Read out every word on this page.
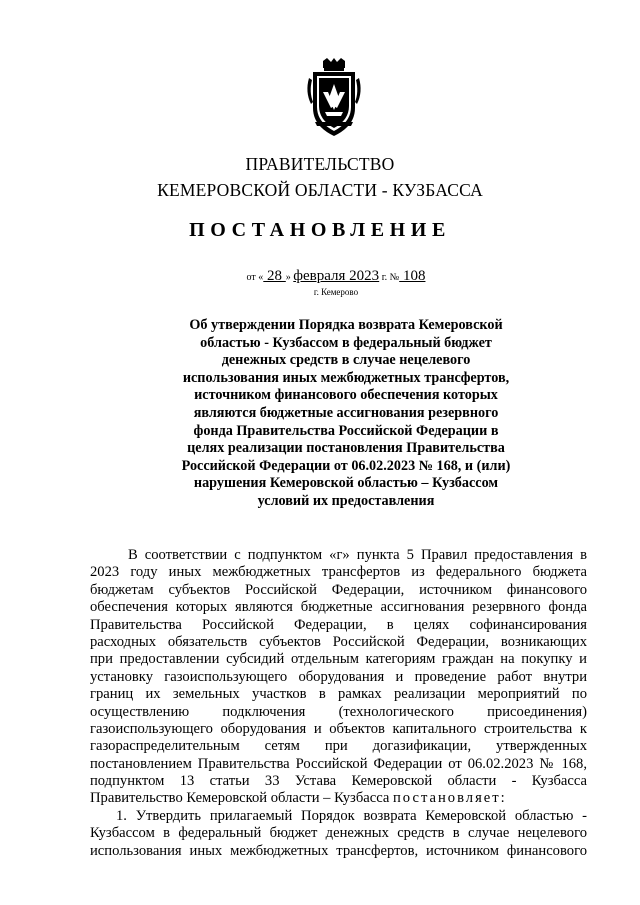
ПРАВИТЕЛЬСТВО
КЕМЕРОВСКОЙ ОБЛАСТИ - КУЗБАССА
ПОСТАНОВЛЕНИЕ
от « 28 » февраля 2023 г. № 108
г. Кемерово
Об утверждении Порядка возврата Кемеровской
областью - Кузбассом в федеральный бюджет
денежных средств в случае нецелевого
использования иных межбюджетных трансфертов,
источником финансового обеспечения которых
являются бюджетные ассигнования резервного
фонда Правительства Российской Федерации в
целях реализации постановления Правительства
Российской Федерации от 06.02.2023 № 168, и (или)
нарушения Кемеровской областью – Кузбассом
условий их предоставления
В соответствии с подпунктом «г» пункта 5 Правил предоставления в
2023 году иных межбюджетных трансфертов из федерального бюджета
бюджетам субъектов Российской Федерации, источником финансового
обеспечения которых являются бюджетные ассигнования резервного фонда
Правительства Российской Федерации, в целях софинансирования
расходных обязательств субъектов Российской Федерации, возникающих
при предоставлении субсидий отдельным категориям граждан на покупку и
установку газоиспользующего оборудования и проведение работ внутри
границ их земельных участков в рамках реализации мероприятий по
осуществлению подключения (технологического присоединения)
газоиспользующего оборудования и объектов капитального строительства к
газораспределительным сетям при догазификации, утвержденных
постановлением Правительства Российской Федерации от 06.02.2023 № 168,
подпунктом 13 статьи 33 Устава Кемеровской области - Кузбасса
Правительство Кемеровской области – Кузбасса постановляет:
1. Утвердить прилагаемый Порядок возврата Кемеровской областью -
Кузбассом в федеральный бюджет денежных средств в случае нецелевого
использования иных межбюджетных трансфертов, источником финансового
